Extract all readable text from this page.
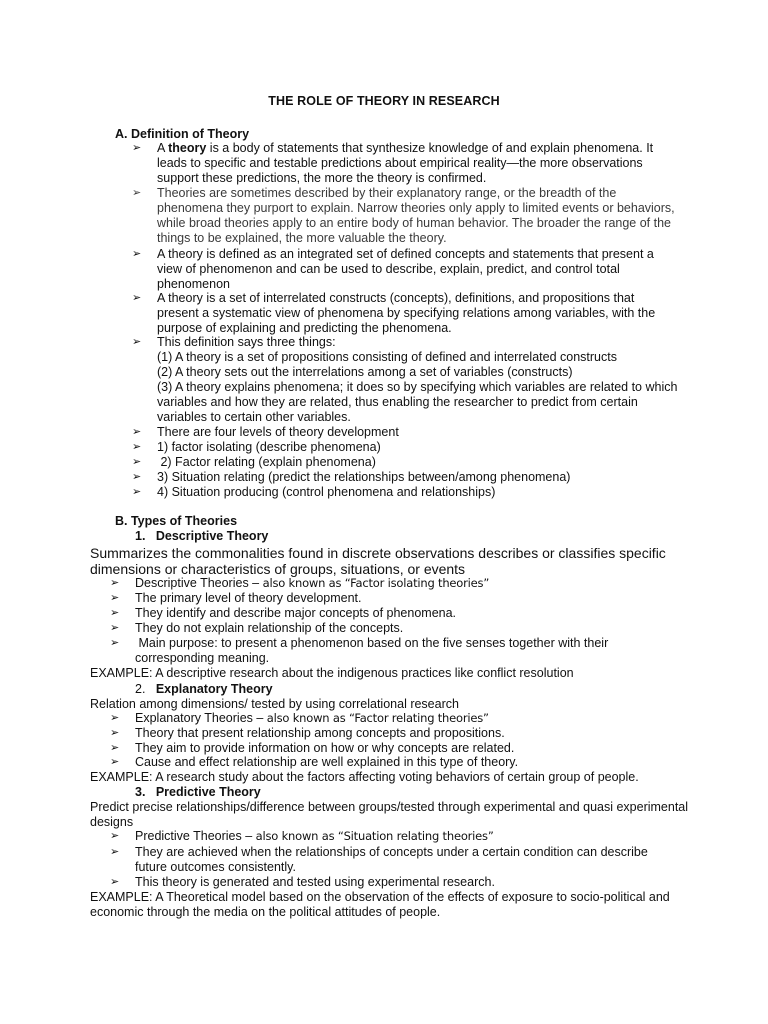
THE ROLE OF THEORY IN RESEARCH
A. Definition of Theory
➢ A theory is a body of statements that synthesize knowledge of and explain phenomena. It leads to specific and testable predictions about empirical reality—the more observations support these predictions, the more the theory is confirmed.
➢ Theories are sometimes described by their explanatory range, or the breadth of the phenomena they purport to explain. Narrow theories only apply to limited events or behaviors, while broad theories apply to an entire body of human behavior. The broader the range of the things to be explained, the more valuable the theory.
➢ A theory is defined as an integrated set of defined concepts and statements that present a view of phenomenon and can be used to describe, explain, predict, and control total phenomenon
➢ A theory is a set of interrelated constructs (concepts), definitions, and propositions that present a systematic view of phenomena by specifying relations among variables, with the purpose of explaining and predicting the phenomena.
➢ This definition says three things:
(1) A theory is a set of propositions consisting of defined and interrelated constructs
(2) A theory sets out the interrelations among a set of variables (constructs)
(3) A theory explains phenomena; it does so by specifying which variables are related to which variables and how they are related, thus enabling the researcher to predict from certain variables to certain other variables.
➢ There are four levels of theory development
➢ 1) factor isolating (describe phenomena)
➢ 2) Factor relating (explain phenomena)
➢ 3) Situation relating (predict the relationships between/among phenomena)
➢ 4) Situation producing (control phenomena and relationships)
B. Types of Theories
1.   Descriptive Theory
Summarizes the commonalities found in discrete observations describes or classifies specific dimensions or characteristics of groups, situations, or events
➢ Descriptive Theories – also known as “Factor isolating theories”
➢ The primary level of theory development.
➢ They identify and describe major concepts of phenomena.
➢ They do not explain relationship of the concepts.
➢ Main purpose: to present a phenomenon based on the five senses together with their corresponding meaning.
EXAMPLE: A descriptive research about the indigenous practices like conflict resolution
2.   Explanatory Theory
Relation among dimensions/ tested by using correlational research
➢ Explanatory Theories – also known as “Factor relating theories”
➢ Theory that present relationship among concepts and propositions.
➢ They aim to provide information on how or why concepts are related.
➢ Cause and effect relationship are well explained in this type of theory.
EXAMPLE: A research study about the factors affecting voting behaviors of certain group of people.
3.   Predictive Theory
Predict precise relationships/difference between groups/tested through experimental and quasi experimental designs
➢ Predictive Theories – also known as “Situation relating theories”
➢ They are achieved when the relationships of concepts under a certain condition can describe future outcomes consistently.
➢ This theory is generated and tested using experimental research.
EXAMPLE: A Theoretical model based on the observation of the effects of exposure to socio-political and economic through the media on the political attitudes of people.
